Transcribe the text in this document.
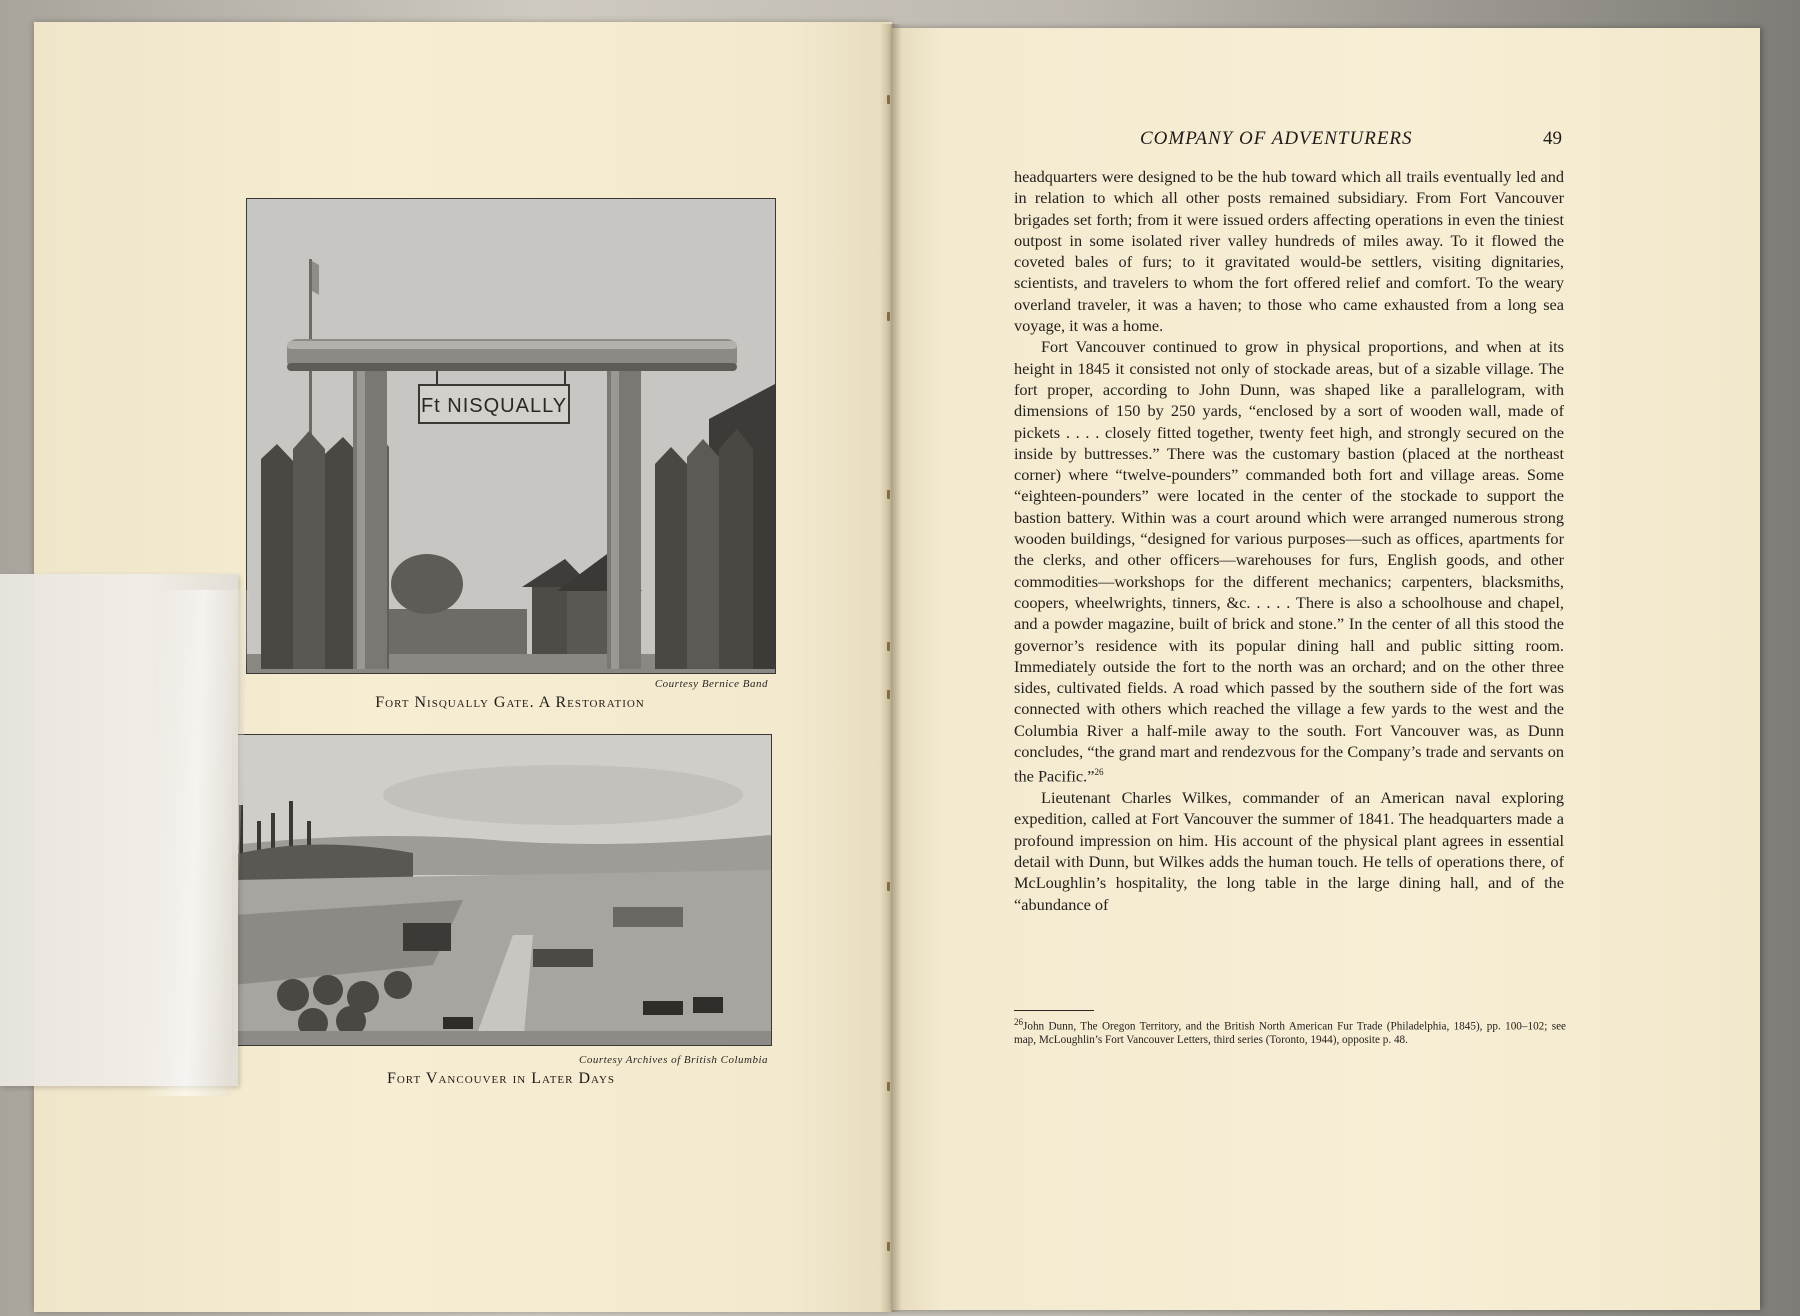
Ft NISQUALLY
Courtesy Bernice Band
Fort Nisqually Gate. A Restoration
Courtesy Archives of British Columbia
Fort Vancouver in Later Days
COMPANY OF ADVENTURERS	49

headquarters were designed to be the hub toward which all trails eventually led and in relation to which all other posts remained subsidiary. From Fort Vancouver brigades set forth; from it were issued orders affecting operations in even the tiniest outpost in some isolated river valley hundreds of miles away. To it flowed the coveted bales of furs; to it gravitated would-be settlers, visiting dignitaries, scientists, and travelers to whom the fort offered relief and comfort. To the weary overland traveler, it was a haven; to those who came exhausted from a long sea voyage, it was a home.

Fort Vancouver continued to grow in physical proportions, and when at its height in 1845 it consisted not only of stockade areas, but of a sizable village. The fort proper, according to John Dunn, was shaped like a parallelogram, with dimensions of 150 by 250 yards, “enclosed by a sort of wooden wall, made of pickets . . . . closely fitted together, twenty feet high, and strongly secured on the inside by buttresses.” There was the customary bastion (placed at the northeast corner) where “twelve-pounders” commanded both fort and village areas. Some “eighteen-pounders” were located in the center of the stockade to support the bastion battery. Within was a court around which were arranged numerous strong wooden buildings, “designed for various purposes—such as offices, apartments for the clerks, and other officers—warehouses for furs, English goods, and other commodities—workshops for the different mechanics; carpenters, blacksmiths, coopers, wheelwrights, tinners, &c. . . . . There is also a schoolhouse and chapel, and a powder magazine, built of brick and stone.” In the center of all this stood the governor’s residence with its popular dining hall and public sitting room. Immediately outside the fort to the north was an orchard; and on the other three sides, cultivated fields. A road which passed by the southern side of the fort was connected with others which reached the village a few yards to the west and the Columbia River a half-mile away to the south. Fort Vancouver was, as Dunn concludes, “the grand mart and rendezvous for the Company’s trade and servants on the Pacific.”$^{26}$

Lieutenant Charles Wilkes, commander of an American naval exploring expedition, called at Fort Vancouver the summer of 1841. The headquarters made a profound impression on him. His account of the physical plant agrees in essential detail with Dunn, but Wilkes adds the human touch. He tells of operations there, of McLoughlin’s hospitality, the long table in the large dining hall, and of the “abundance of

$^{26}$John Dunn, The Oregon Territory, and the British North American Fur Trade (Philadelphia, 1845), pp. 100–102; see map, McLoughlin’s Fort Vancouver Letters, third series (Toronto, 1944), opposite p. 48.
